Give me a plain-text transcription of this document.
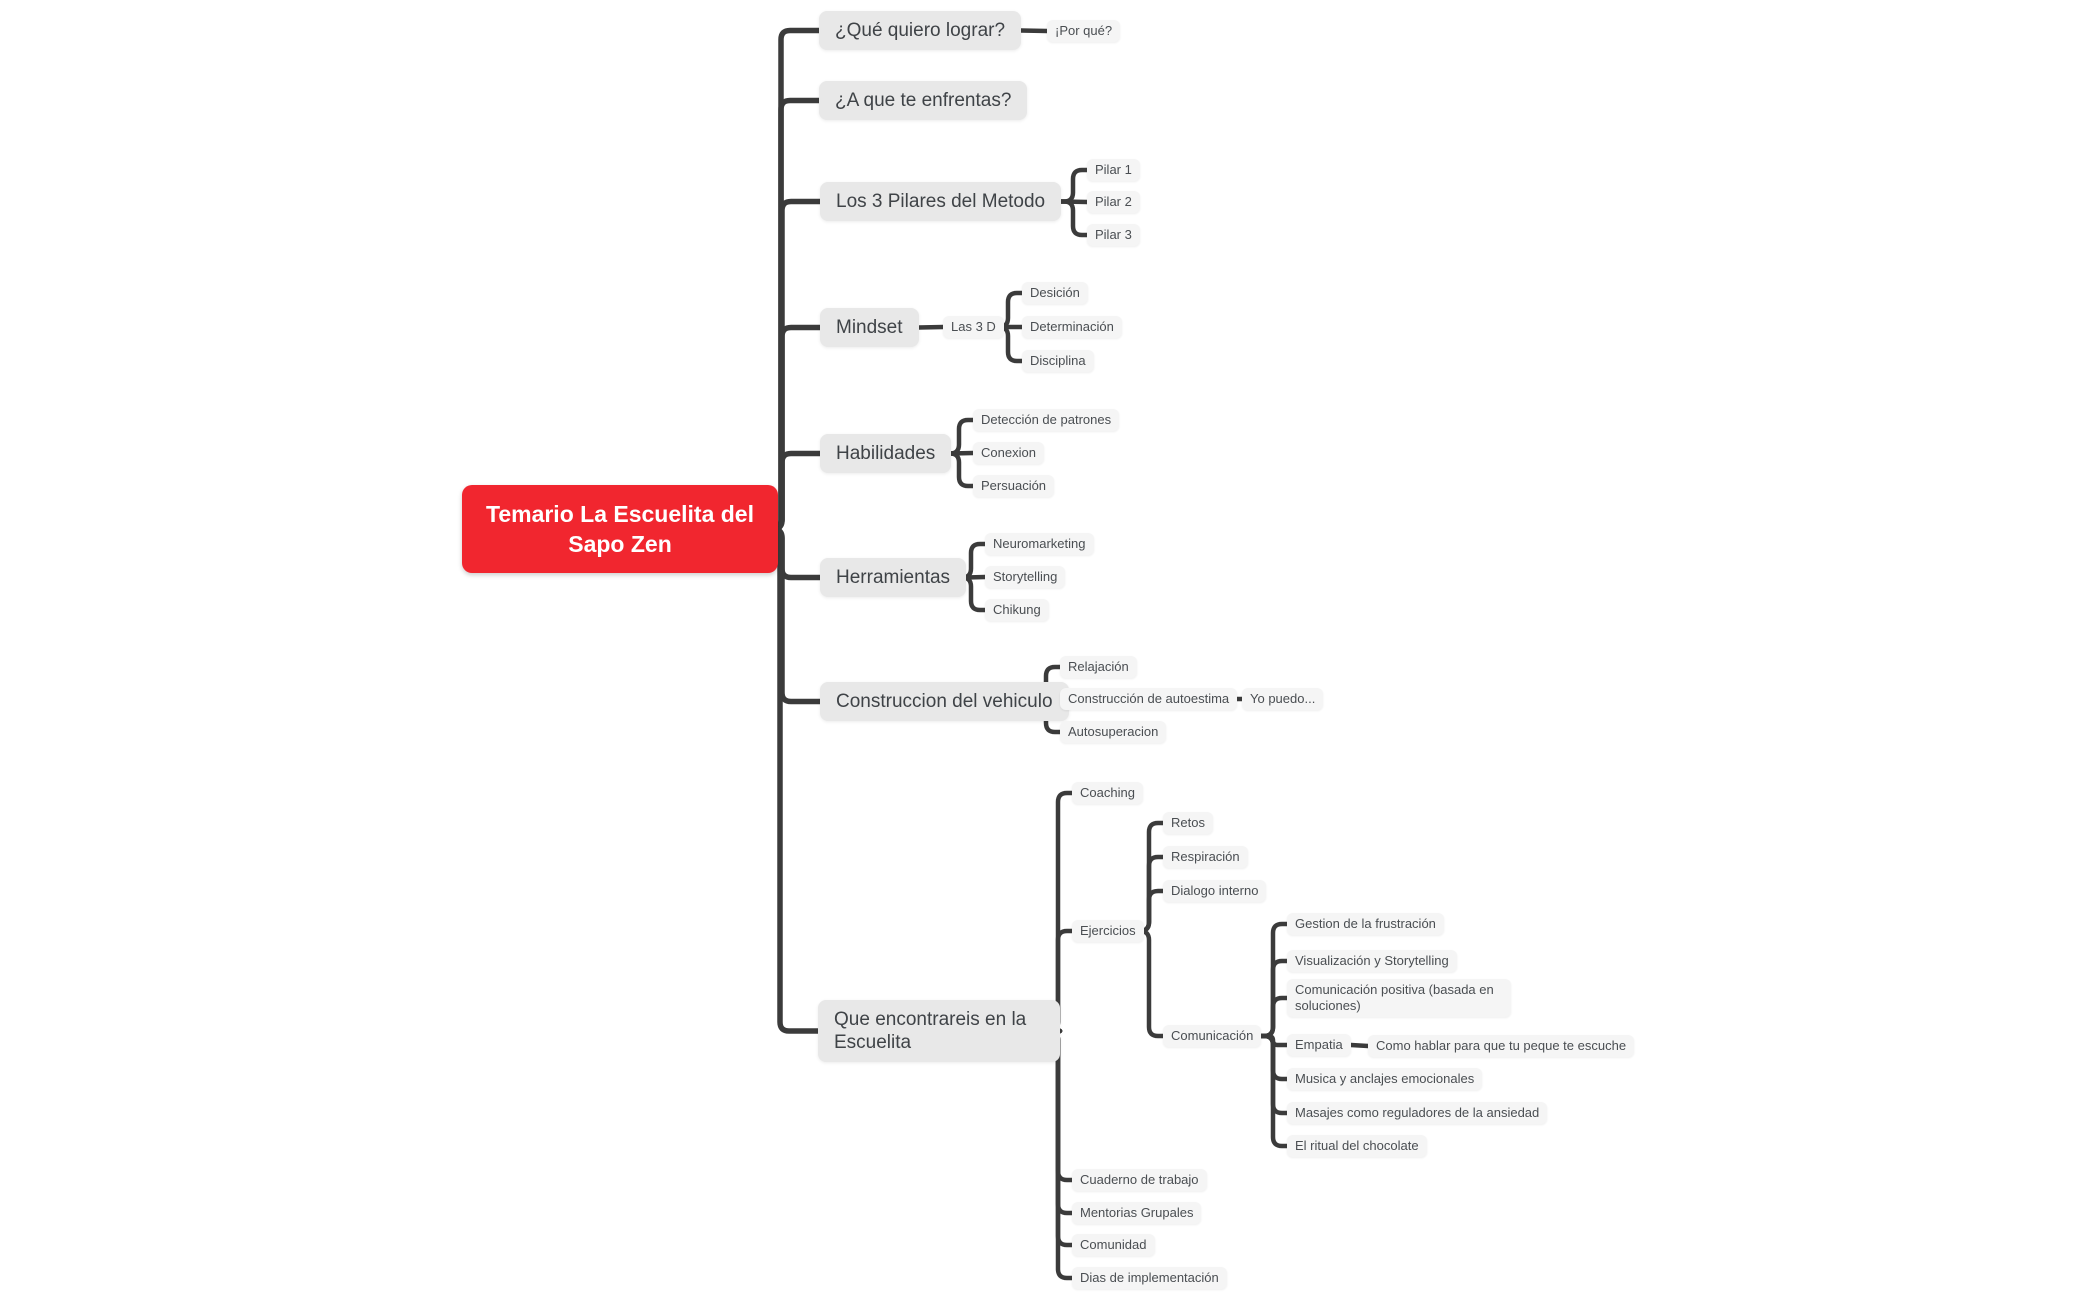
Temario La Escuelita del Sapo Zen
¿Qué quiero lograr?
¿A que te enfrentas?
Los 3 Pilares del Metodo
Mindset
Habilidades
Herramientas
Construccion del vehiculo
Que encontrareis en la Escuelita
¡Por qué?
Pilar 1
Pilar 2
Pilar 3
Las 3 D
Desición
Determinación
Disciplina
Detección de patrones
Conexion
Persuación
Neuromarketing
Storytelling
Chikung
Relajación
Construcción de autoestima	Yo puedo...
Autosuperacion
Coaching
Ejercicios
Retos
Respiración
Dialogo interno
Comunicación
Gestion de la frustración
Visualización y Storytelling
Comunicación positiva (basada en soluciones)
Empatia	Como hablar para que tu peque te escuche
Musica y anclajes emocionales
Masajes como reguladores de la ansiedad
El ritual del chocolate
Cuaderno de trabajo
Mentorias Grupales
Comunidad
Dias de implementación
